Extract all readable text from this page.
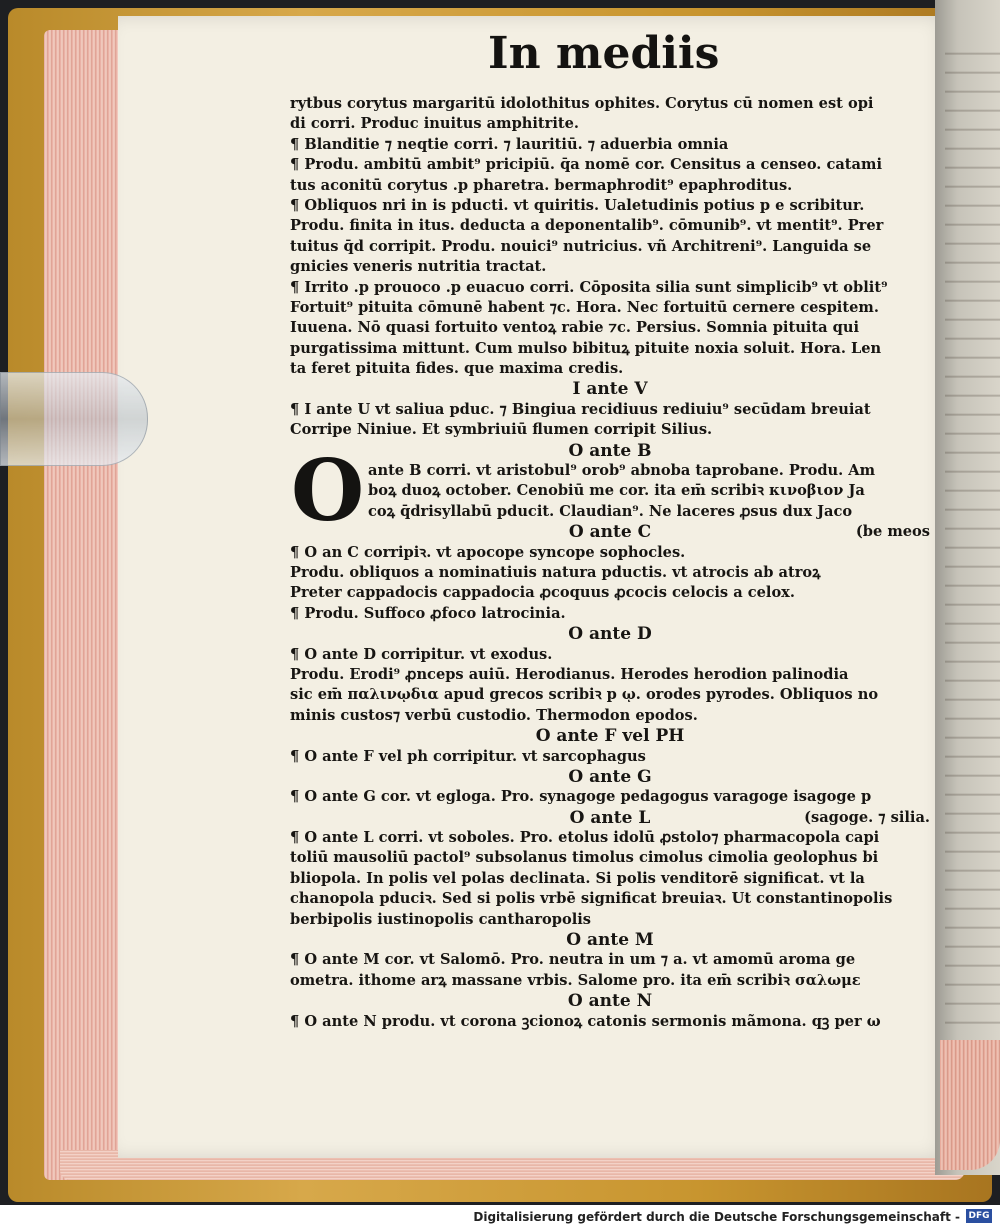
In mediis
rytbus corytus margaritū idolothitus ophites. Corytus cū nomen est opi
di corri. Produc inuitus amphitrite.
¶ Blanditie ⁊ neqtie corri. ⁊ lauritiū. ⁊ aduerbia omnia
¶ Produ. ambitū ambit⁹ pricipiū. q̄a nomē cor. Censitus a censeo. catami
tus aconitū corytus .p pharetra. bermaphrodit⁹ epaphroditus.
¶ Obliquos nri in is pducti. vt quiritis. Ualetudinis potius p e scribitur.
Produ. finita in itus. deducta a deponentalib⁹. cōmunib⁹. vt mentit⁹. Prer
tuitus q̄d corripit. Produ. nouici⁹ nutricius. vñ Architreni⁹. Languida se
gnicies veneris nutritia tractat.
¶ Irrito .p prouoco .p euacuo corri. Cōposita silia sunt simplicib⁹ vt oblit⁹
Fortuit⁹ pituita cōmunē habent ⁊c. Hora. Nec fortuitū cernere cespitem.
Iuuena. Nō quasi fortuito ventoꝝ rabie ⁊c. Persius. Somnia pituita qui
purgatissima mittunt. Cum mulso bibituꝝ pituite noxia soluit. Hora. Len
ta feret pituita fides. que maxima credis.
I ante V
¶ I ante U vt saliua pduc. ⁊ Bingiua recidiuus rediuiu⁹ secūdam breuiat
Corripe Niniue. Et symbriuiū flumen corripit Silius.
O ante B
ante B corri. vt aristobul⁹ orob⁹ abnoba taprobane. Produ. Am
boꝝ duoꝝ october. Cenobiū me cor. ita em̄ scribiꝛ κινοβιον Ja
coꝝ q̄drisyllabū pducit. Claudian⁹. Ne laceres ꝓsus dux Jaco
O ante C	(be meos
¶ O an C corripiꝛ. vt apocope syncope sophocles.
Produ. obliquos a nominatiuis natura pductis. vt atrocis ab atroꝝ
Preter cappadocis cappadocia ꝓcoquus ꝓcocis celocis a celox.
¶ Produ. Suffoco ꝓfoco latrocinia.
O ante D
¶ O ante D corripitur. vt exodus.
Produ. Erodi⁹ ꝓnceps auiū. Herodianus. Herodes herodion palinodia
sic em̄ παλινῳδια apud grecos scribiꝛ p ῳ. orodes pyrodes. Obliquos no
minis custos⁊ verbū custodio. Thermodon epodos.
O ante F vel PH
¶ O ante F vel ph corripitur. vt sarcophagus
O ante G
¶ O ante G cor. vt egloga. Pro. synagoge pedagogus varagoge isagoge p
O ante L	(sagoge. ⁊ silia.
¶ O ante L corri. vt soboles. Pro. etolus idolū ꝓstolo⁊ pharmacopola capi
toliū mausoliū pactol⁹ subsolanus timolus cimolus cimolia geolophus bi
bliopola. In polis vel polas declinata. Si polis venditorē significat. vt la
chanopola pduciꝛ. Sed si polis vrbē significat breuiaꝛ. Ut constantinopolis
berbipolis iustinopolis cantharopolis
O ante M
¶ O ante M cor. vt Salomō. Pro. neutra in um ⁊ a. vt amomū aroma ge
ometra. ithome arꝝ massane vrbis. Salome pro. ita em̄ scribiꝛ σαλωμε
O ante N
¶ O ante N produ. vt corona ꝫcionoꝝ catonis sermonis mãmona. qꝫ per ω
O
Digitalisierung gefördert durch die Deutsche Forschungsgemeinschaft - DFG
